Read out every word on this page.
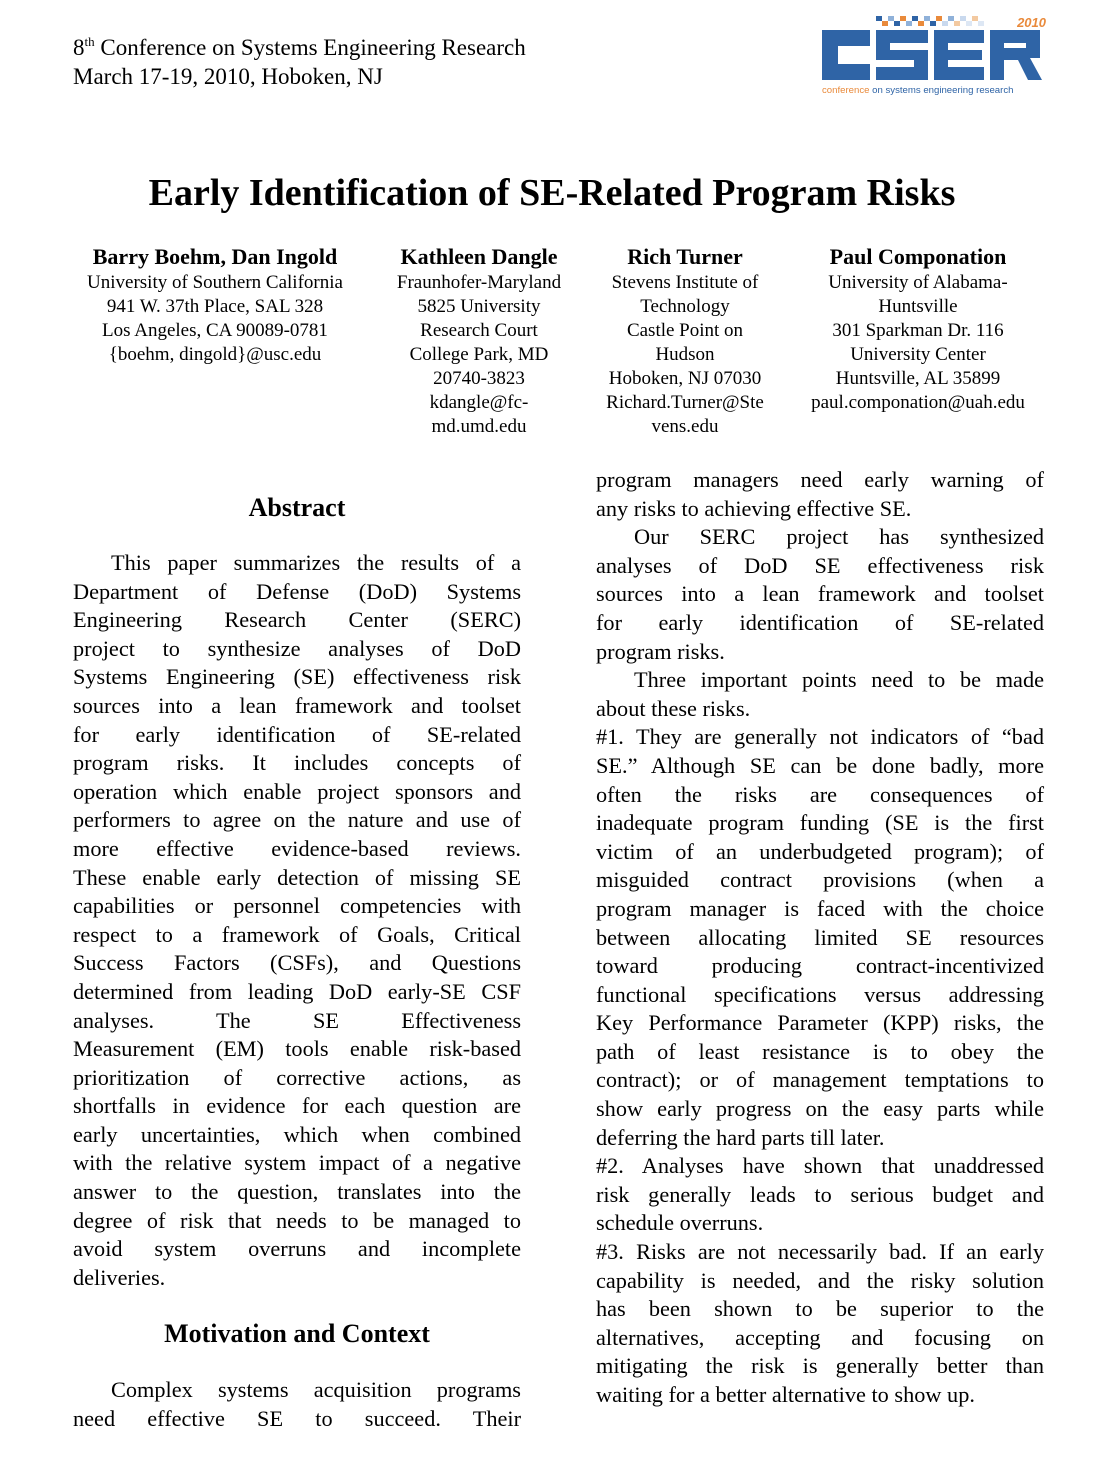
8th Conference on Systems Engineering Research
March 17-19, 2010, Hoboken, NJ
2010
conference on systems engineering research
Early Identification of SE-Related Program Risks
Barry Boehm, Dan Ingold
University of Southern California
941 W. 37th Place, SAL 328
Los Angeles, CA 90089-0781
{boehm, dingold}@usc.edu
Kathleen Dangle
Fraunhofer-Maryland
5825 University
Research Court
College Park, MD
20740-3823
kdangle@fc-
md.umd.edu
Rich Turner
Stevens Institute of
Technology
Castle Point on
Hudson
Hoboken, NJ 07030
Richard.Turner@Ste
vens.edu
Paul Componation
University of Alabama-
Huntsville
301 Sparkman Dr. 116
University Center
Huntsville, AL 35899
paul.componation@uah.edu
Abstract
This paper summarizes the results of a
Department of Defense (DoD) Systems
Engineering Research Center (SERC)
project to synthesize analyses of DoD
Systems Engineering (SE) effectiveness risk
sources into a lean framework and toolset
for early identification of SE-related
program risks. It includes concepts of
operation which enable project sponsors and
performers to agree on the nature and use of
more effective evidence-based reviews.
These enable early detection of missing SE
capabilities or personnel competencies with
respect to a framework of Goals, Critical
Success Factors (CSFs), and Questions
determined from leading DoD early-SE CSF
analyses. The SE Effectiveness
Measurement (EM) tools enable risk-based
prioritization of corrective actions, as
shortfalls in evidence for each question are
early uncertainties, which when combined
with the relative system impact of a negative
answer to the question, translates into the
degree of risk that needs to be managed to
avoid system overruns and incomplete
deliveries.
Motivation and Context
Complex systems acquisition programs
need effective SE to succeed. Their
program managers need early warning of
any risks to achieving effective SE.
Our SERC project has synthesized
analyses of DoD SE effectiveness risk
sources into a lean framework and toolset
for early identification of SE-related
program risks.
Three important points need to be made
about these risks.
#1. They are generally not indicators of “bad
SE.” Although SE can be done badly, more
often the risks are consequences of
inadequate program funding (SE is the first
victim of an underbudgeted program); of
misguided contract provisions (when a
program manager is faced with the choice
between allocating limited SE resources
toward producing contract-incentivized
functional specifications versus addressing
Key Performance Parameter (KPP) risks, the
path of least resistance is to obey the
contract); or of management temptations to
show early progress on the easy parts while
deferring the hard parts till later.
#2. Analyses have shown that unaddressed
risk generally leads to serious budget and
schedule overruns.
#3. Risks are not necessarily bad. If an early
capability is needed, and the risky solution
has been shown to be superior to the
alternatives, accepting and focusing on
mitigating the risk is generally better than
waiting for a better alternative to show up.
